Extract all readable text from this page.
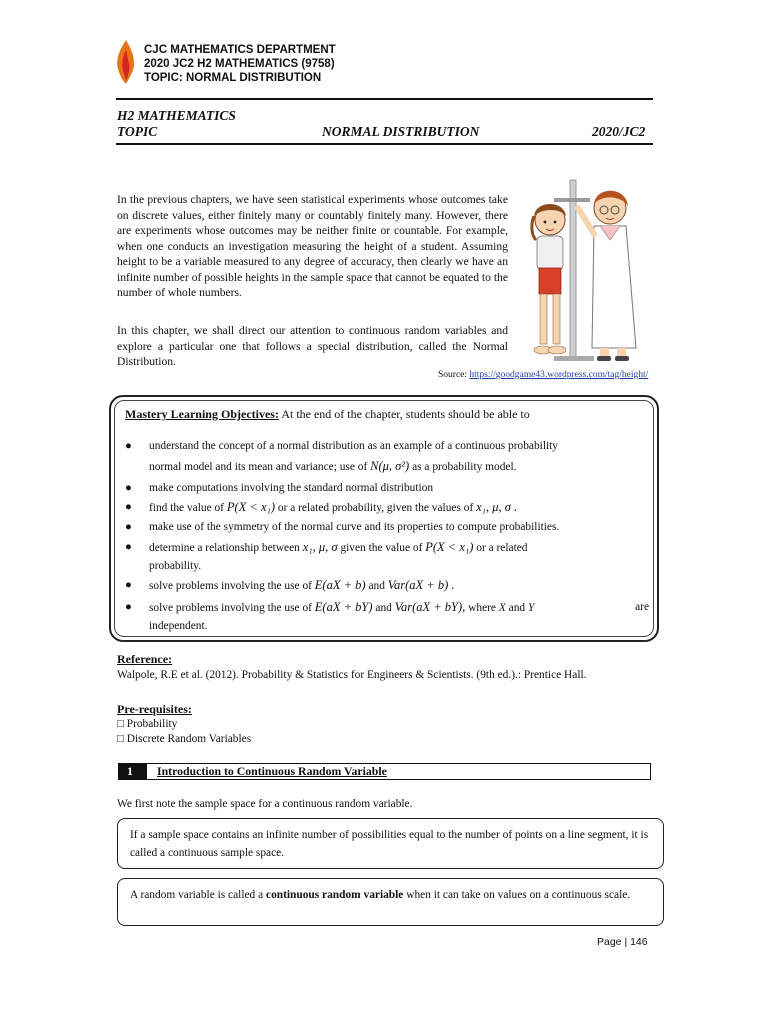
CJC MATHEMATICS DEPARTMENT
2020 JC2 H2 MATHEMATICS (9758)
TOPIC: NORMAL DISTRIBUTION
H2 MATHEMATICS
TOPIC	NORMAL DISTRIBUTION	2020/JC2
In the previous chapters, we have seen statistical experiments whose outcomes take on discrete values, either finitely many or countably finitely many. However, there are experiments whose outcomes may be neither finite or countable. For example, when one conducts an investigation measuring the height of a student. Assuming height to be a variable measured to any degree of accuracy, then clearly we have an infinite number of possible heights in the sample space that cannot be equated to the number of whole numbers.
In this chapter, we shall direct our attention to continuous random variables and explore a particular one that follows a special distribution, called the Normal Distribution.
Source: https://goodgame43.wordpress.com/tag/height/
Mastery Learning Objectives: At the end of the chapter, students should be able to
● understand the concept of a normal distribution as an example of a continuous probability
normal model and its mean and variance; use of N(μ, σ²) as a probability model.
● make computations involving the standard normal distribution
● find the value of P(X < x₁) or a related probability, given the values of x₁, μ, σ .
● make use of the symmetry of the normal curve and its properties to compute probabilities.
● determine a relationship between x₁, μ, σ given the value of P(X < x₁) or a related
probability.
● solve problems involving the use of E(aX + b) and Var(aX + b) .
● solve problems involving the use of E(aX + bY) and Var(aX + bY), where X and Y	are
independent.
Reference:
Walpole, R.E et al. (2012). Probability & Statistics for Engineers & Scientists. (9th ed.).: Prentice Hall.
Pre-requisites:
□ Probability
□ Discrete Random Variables
1	Introduction to Continuous Random Variable
We first note the sample space for a continuous random variable.
If a sample space contains an infinite number of possibilities equal to the number of points on a line segment, it is called a continuous sample space.
A random variable is called a continuous random variable when it can take on values on a continuous scale.
Page | 146
